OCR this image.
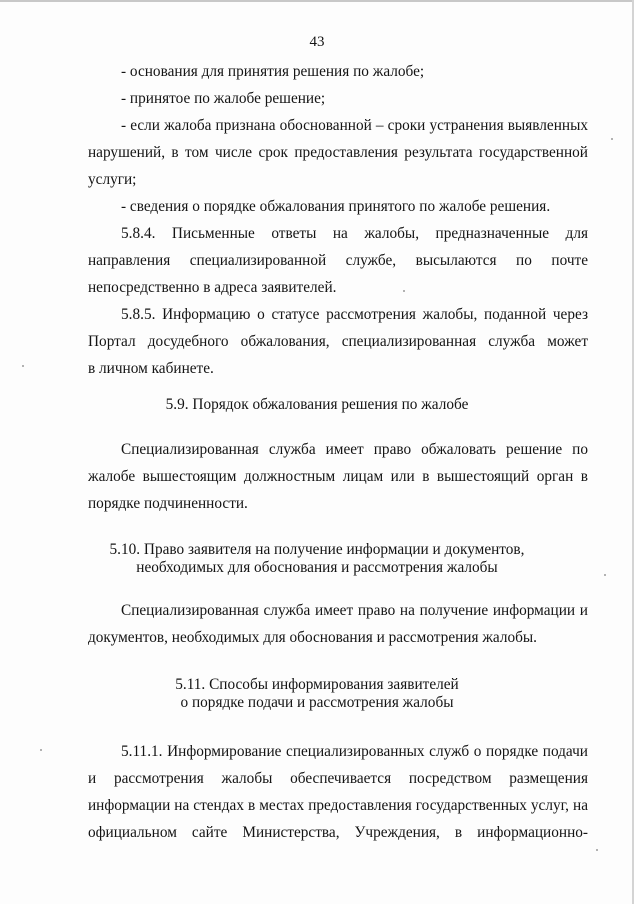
43
- основания для принятия решения по жалобе;
- принятое по жалобе решение;
- если жалоба признана обоснованной – сроки устранения выявленных
нарушений, в том числе срок предоставления результата государственной
услуги;
- сведения о порядке обжалования принятого по жалобе решения.
5.8.4. Письменные ответы на жалобы, предназначенные для
направления специализированной службе, высылаются по почте
непосредственно в адреса заявителей.
5.8.5. Информацию о статусе рассмотрения жалобы, поданной через
Портал досудебного обжалования, специализированная служба может
в личном кабинете.
5.9. Порядок обжалования решения по жалобе
Специализированная служба имеет право обжаловать решение по
жалобе вышестоящим должностным лицам или в вышестоящий орган в
порядке подчиненности.
5.10. Право заявителя на получение информации и документов,
необходимых для обоснования и рассмотрения жалобы
Специализированная служба имеет право на получение информации и
документов, необходимых для обоснования и рассмотрения жалобы.
5.11. Способы информирования заявителей
о порядке подачи и рассмотрения жалобы
5.11.1. Информирование специализированных служб о порядке подачи
и рассмотрения жалобы обеспечивается посредством размещения
информации на стендах в местах предоставления государственных услуг, на
официальном сайте Министерства, Учреждения, в информационно-
